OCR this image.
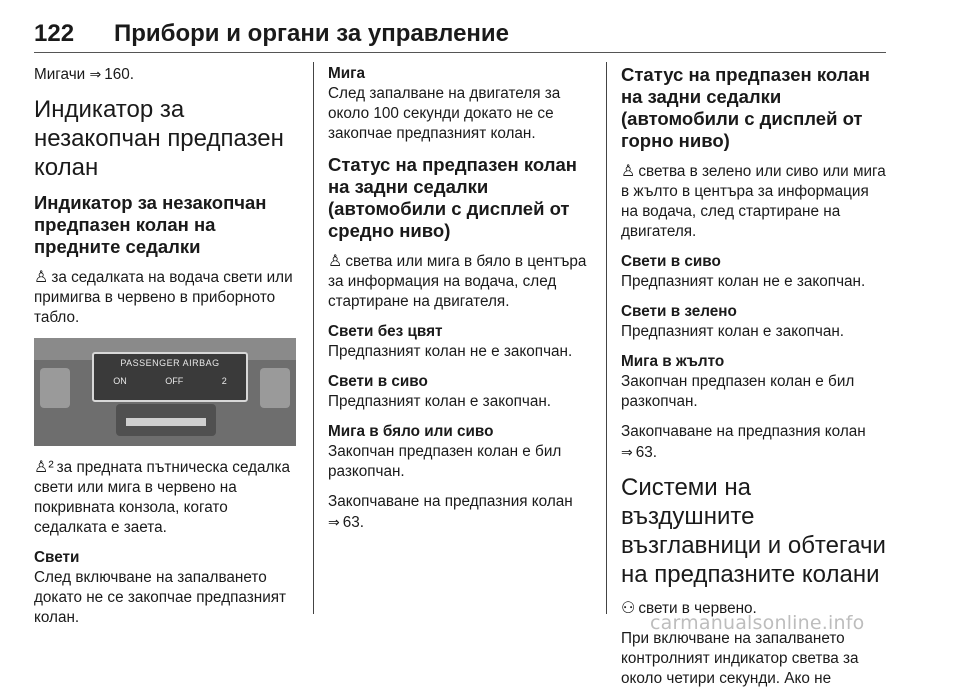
122	Прибори и органи за управление

Мигачи ⇒ 160.

Индикатор за незакопчан предпазен колан
Индикатор за незакопчан предпазен колан на предните седалки

♙ за седалката на водача свети или примигва в червено в приборното табло.

PASSENGER AIRBAG
ON	OFF	2

♙² за предната пътническа седалка свети или мига в червено на покривната конзола, когато седалката е заета.

Свети

След включване на запалването докато не се закопчае предпазният колан.

Мига

След запалване на двигателя за около 100 секунди докато не се закопчае предпазният колан.

Статус на предпазен колан на задни седалки (автомобили с дисплей от средно ниво)

♙ светва или мига в бяло в центъра за информация на водача, след стартиране на двигателя.

Свети без цвят

Предпазният колан не е закопчан.

Свети в сиво

Предпазният колан е закопчан.

Мига в бяло или сиво

Закопчан предпазен колан е бил разкопчан.

Закопчаване на предпазния колан
⇒ 63.

Статус на предпазен колан на задни седалки (автомобили с дисплей от горно ниво)

♙ светва в зелено или сиво или мига в жълто в центъра за информация на водача, след стартиране на двигателя.

Свети в сиво

Предпазният колан не е закопчан.

Свети в зелено

Предпазният колан е закопчан.

Мига в жълто

Закопчан предпазен колан е бил разкопчан.

Закопчаване на предпазния колан
⇒ 63.

Системи на въздушните възглавници и обтегачи на предпазните колани

⚇ свети в червено.

При включване на запалването контролният индикатор светва за около четири секунди. Ако не

carmanualsonline.info
